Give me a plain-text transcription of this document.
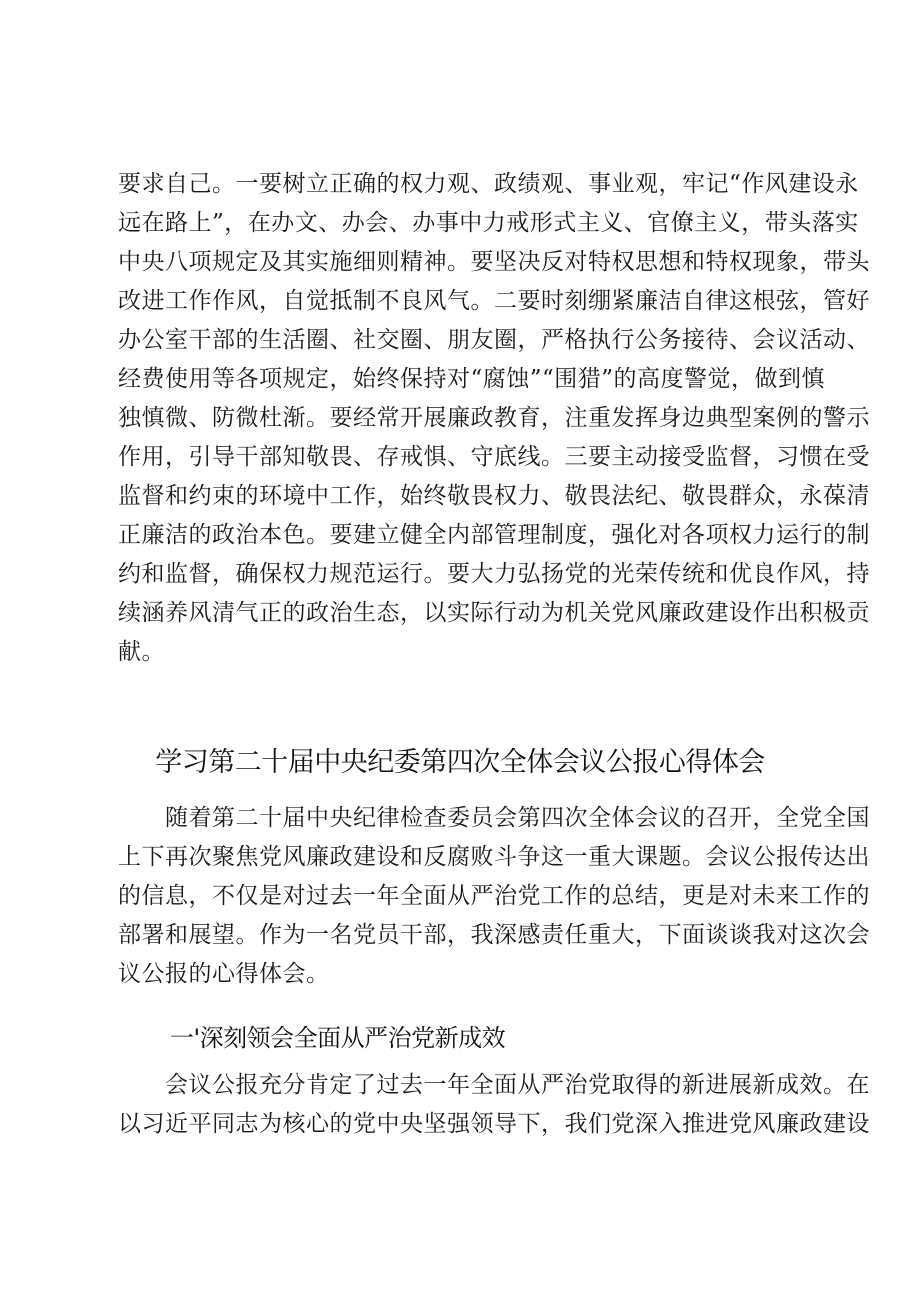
要求自己。一要树立正确的权力观、政绩观、事业观，牢记“作风建设永
远在路上”，在办文、办会、办事中力戒形式主义、官僚主义，带头落实
中央八项规定及其实施细则精神。要坚决反对特权思想和特权现象，带头
改进工作作风，自觉抵制不良风气。二要时刻绷紧廉洁自律这根弦，管好
办公室干部的生活圈、社交圈、朋友圈，严格执行公务接待、会议活动、
经费使用等各项规定，始终保持对“腐蚀”“围猎”的高度警觉，做到慎
独慎微、防微杜渐。要经常开展廉政教育，注重发挥身边典型案例的警示
作用，引导干部知敬畏、存戒惧、守底线。三要主动接受监督，习惯在受
监督和约束的环境中工作，始终敬畏权力、敬畏法纪、敬畏群众，永葆清
正廉洁的政治本色。要建立健全内部管理制度，强化对各项权力运行的制
约和监督，确保权力规范运行。要大力弘扬党的光荣传统和优良作风，持
续涵养风清气正的政治生态，以实际行动为机关党风廉政建设作出积极贡
献。
学习第二十届中央纪委第四次全体会议公报心得体会
　　随着第二十届中央纪律检查委员会第四次全体会议的召开，全党全国
上下再次聚焦党风廉政建设和反腐败斗争这一重大课题。会议公报传达出
的信息，不仅是对过去一年全面从严治党工作的总结，更是对未来工作的
部署和展望。作为一名党员干部，我深感责任重大，下面谈谈我对这次会
议公报的心得体会。
一'深刻领会全面从严治党新成效
　　会议公报充分肯定了过去一年全面从严治党取得的新进展新成效。在
以习近平同志为核心的党中央坚强领导下，我们党深入推进党风廉政建设
